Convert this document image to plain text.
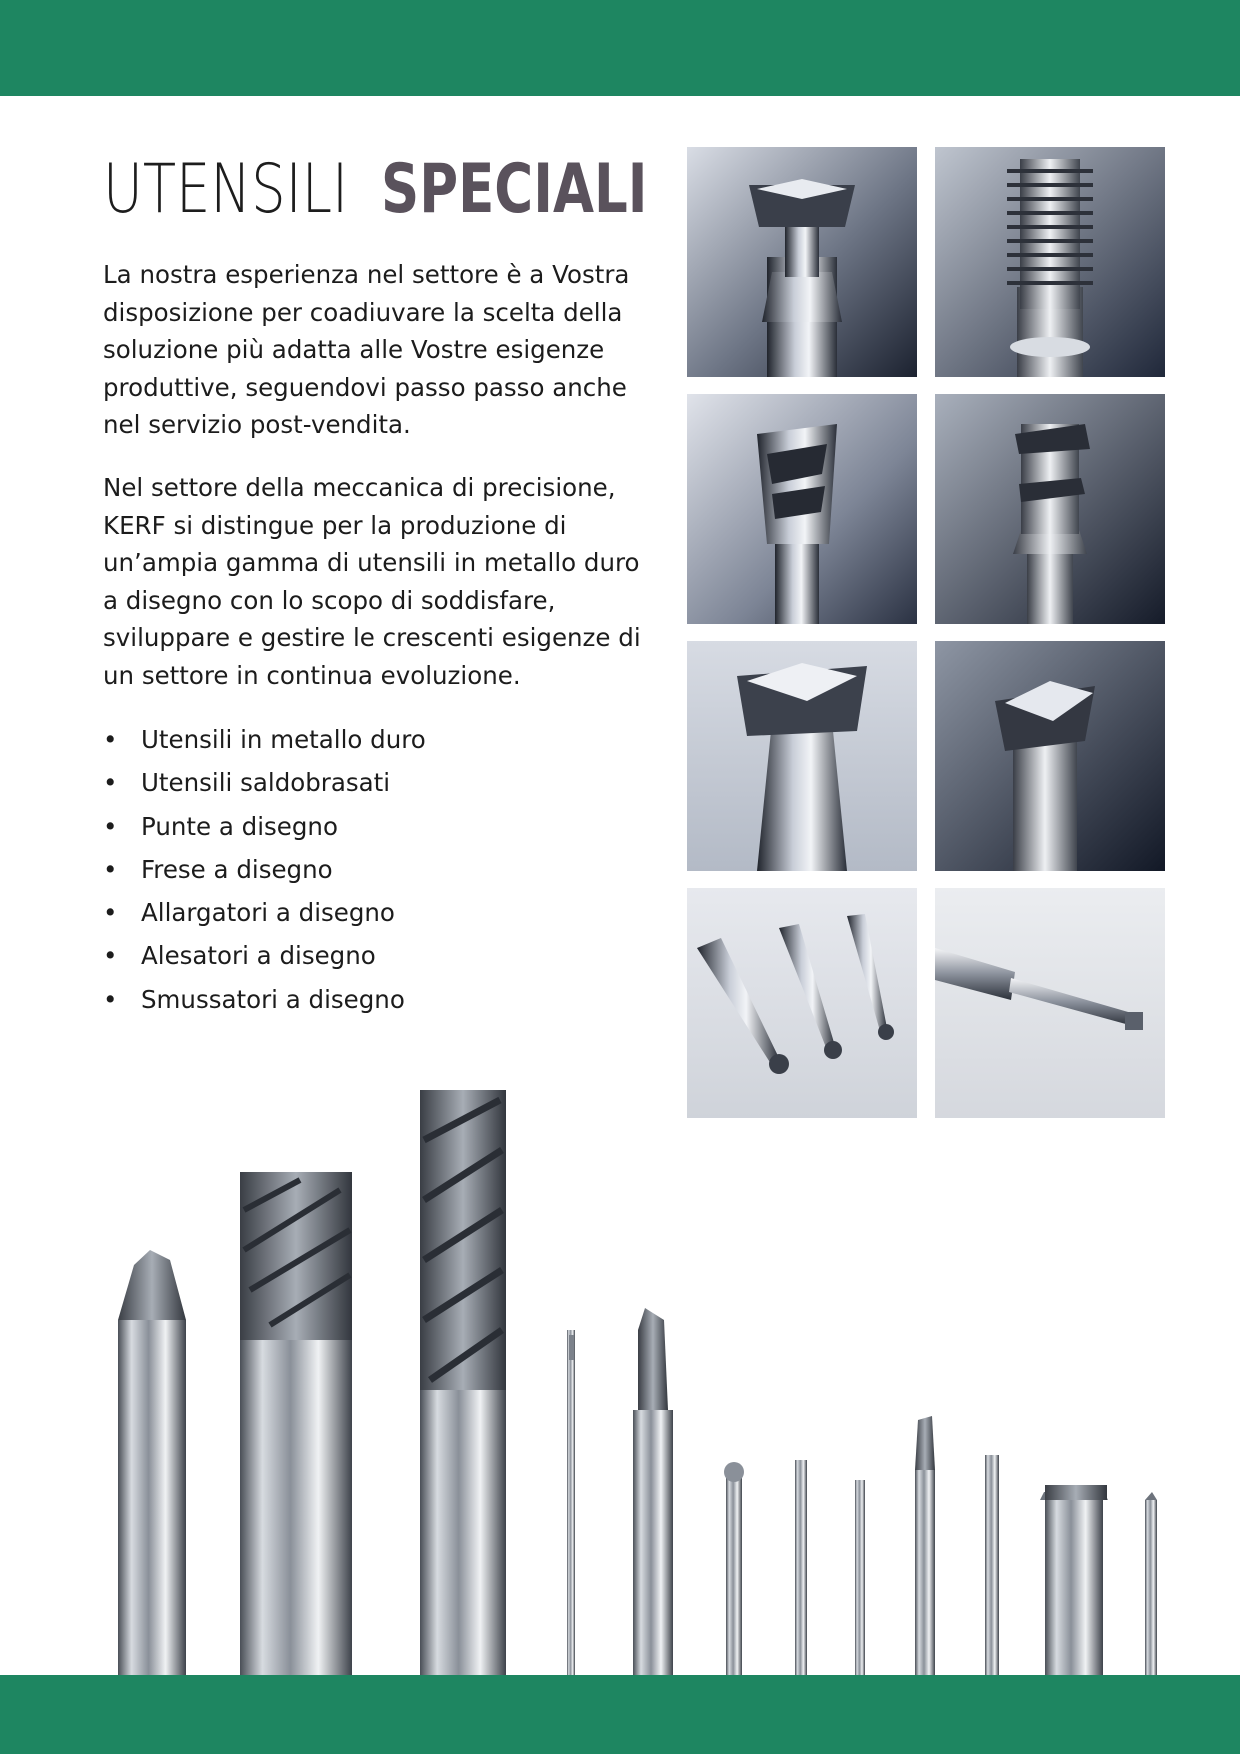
UTENSILI SPECIALI

La nostra esperienza nel settore è a Vostra disposizione per coadiuvare la scelta della soluzione più adatta alle Vostre esigenze produttive, seguendovi passo passo anche nel servizio post-vendita.

Nel settore della meccanica di precisione, KERF si distingue per la produzione di un’ampia gamma di utensili in metallo duro a disegno con lo scopo di soddisfare, sviluppare e gestire le crescenti esigenze di un settore in continua evoluzione.

• Utensili in metallo duro
• Utensili saldobrasati
• Punte a disegno
• Frese a disegno
• Allargatori a disegno
• Alesatori a disegno
• Smussatori a disegno
